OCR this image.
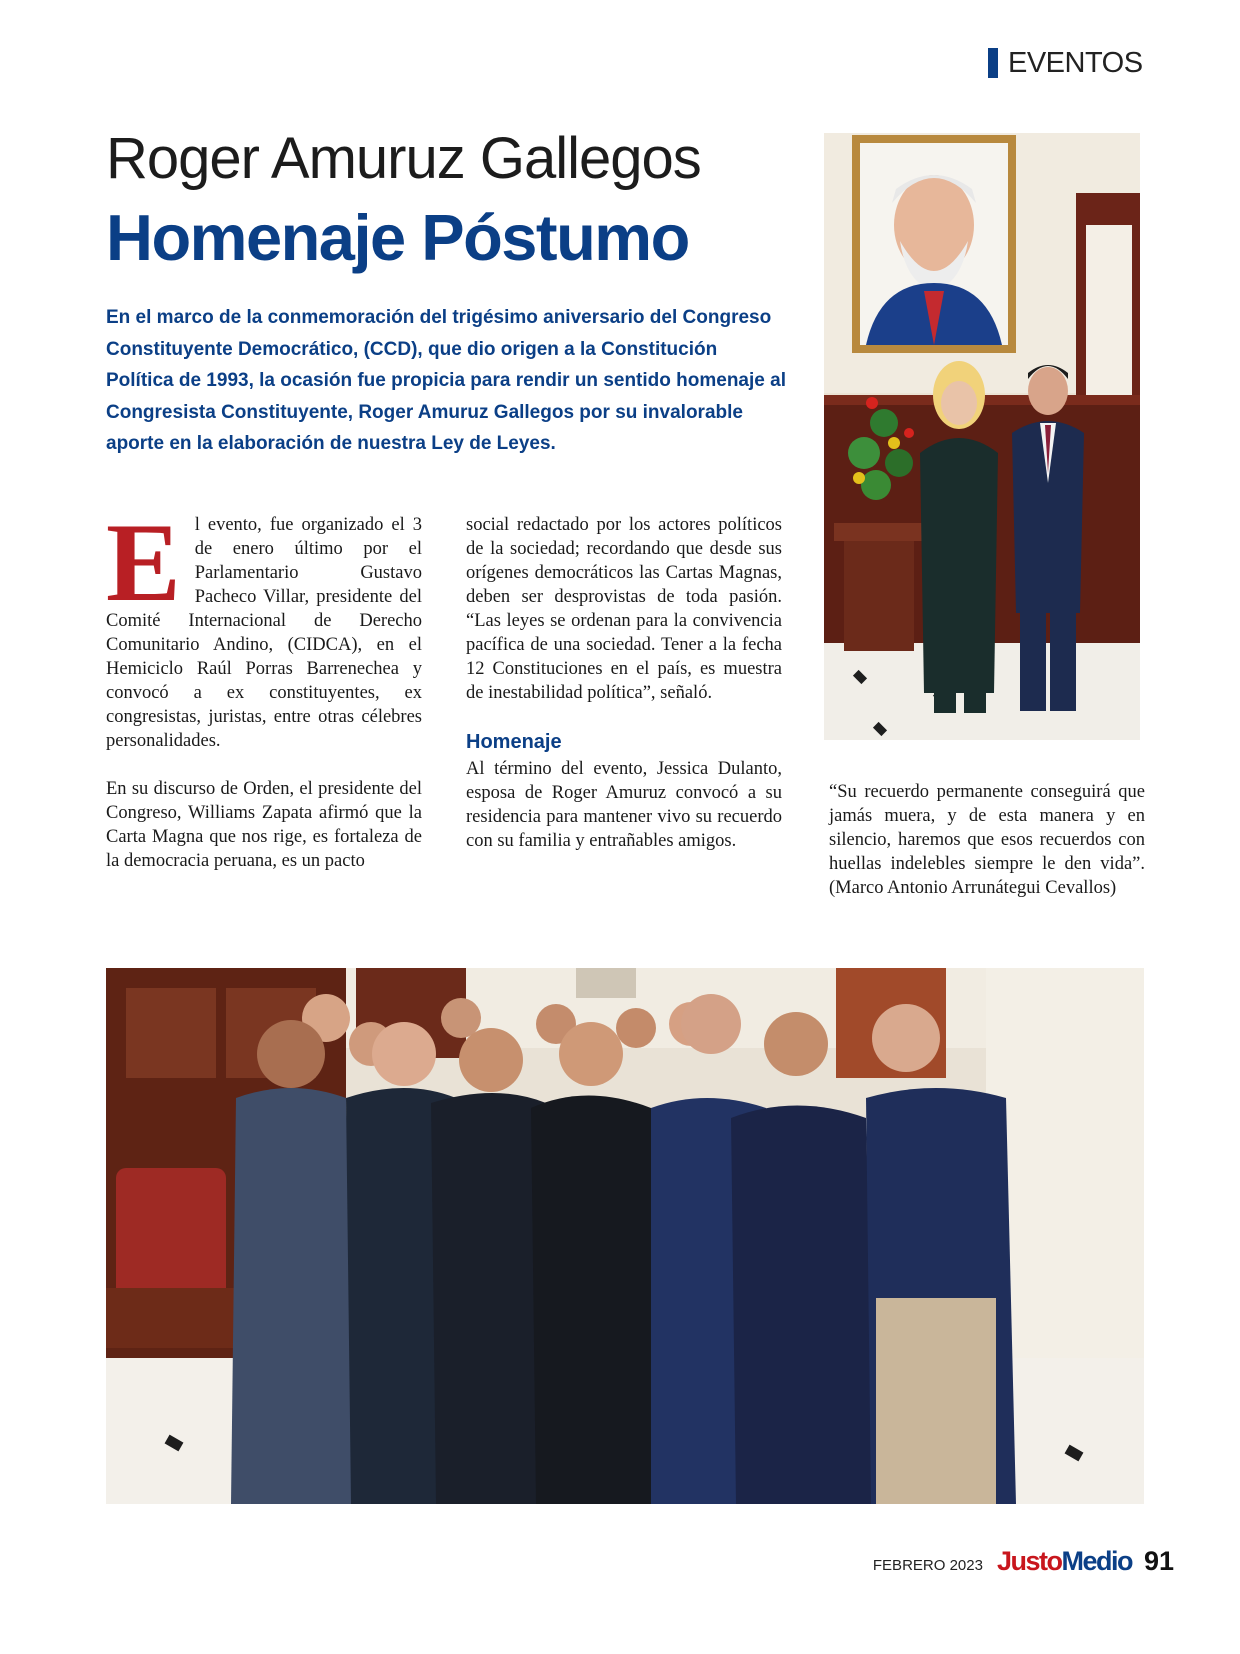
EVENTOS
Roger Amuruz Gallegos
Homenaje Póstumo

En el marco de la conmemoración del trigésimo aniversario del Congreso Constituyente Democrático, (CCD), que dio origen a la Constitución Política de 1993, la ocasión fue propicia para rendir un sentido homenaje al Congresista Constituyente, Roger Amuruz Gallegos por su invalorable aporte en la elaboración de nuestra Ley de Leyes.

El evento, fue organizado el 3 de enero último por el Parlamentario Gustavo Pacheco Villar, presidente del Comité Internacional de Derecho Comunitario Andino, (CIDCA), en el Hemiciclo Raúl Porras Barrenechea y convocó a ex constituyentes, ex congresistas, juristas, entre otras célebres personalidades.

En su discurso de Orden, el presidente del Congreso, Williams Zapata afirmó que la Carta Magna que nos rige, es fortaleza de la democracia peruana, es un pacto

social redactado por los actores políticos de la sociedad; recordando que desde sus orígenes democráticos las Cartas Magnas, deben ser desprovistas de toda pasión. “Las leyes se ordenan para la convivencia pacífica de una sociedad. Tener a la fecha 12 Constituciones en el país, es muestra de inestabilidad política”, señaló.

Homenaje

Al término del evento, Jessica Dulanto, esposa de Roger Amuruz convocó a su residencia para mantener vivo su recuerdo con su familia y entrañables amigos.

“Su recuerdo permanente conseguirá que jamás muera, y de esta manera y en silencio, haremos que esos recuerdos con huellas indelebles siempre le den vida”. (Marco Antonio Arrunátegui Cevallos)

FEBRERO 2023 Justo Medio 91
